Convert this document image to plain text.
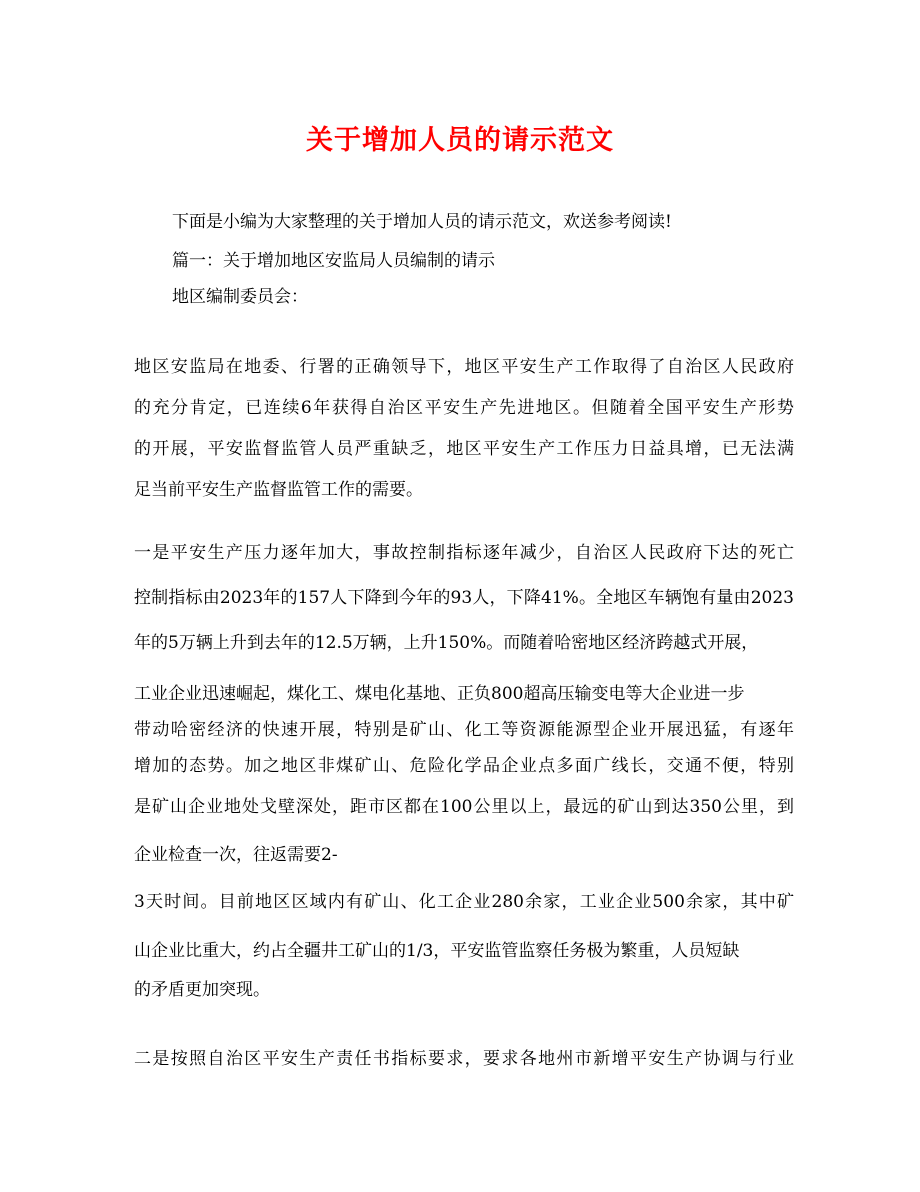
关于增加人员的请示范文
下面是小编为大家整理的关于增加人员的请示范文，欢送参考阅读!
篇一：关于增加地区安监局人员编制的请示
地区编制委员会：
地区安监局在地委、行署的正确领导下，地区平安生产工作取得了自治区人民政府
的充分肯定，已连续6年获得自治区平安生产先进地区。但随着全国平安生产形势
的开展，平安监督监管人员严重缺乏，地区平安生产工作压力日益具增，已无法满
足当前平安生产监督监管工作的需要。
一是平安生产压力逐年加大，事故控制指标逐年减少，自治区人民政府下达的死亡
控制指标由2023年的157人下降到今年的93人，下降41%。全地区车辆饱有量由2023
年的5万辆上升到去年的12.5万辆，上升150%。而随着哈密地区经济跨越式开展，
工业企业迅速崛起，煤化工、煤电化基地、正负800超高压输变电等大企业进一步
带动哈密经济的快速开展，特别是矿山、化工等资源能源型企业开展迅猛，有逐年
增加的态势。加之地区非煤矿山、危险化学品企业点多面广线长，交通不便，特别
是矿山企业地处戈壁深处，距市区都在100公里以上，最远的矿山到达350公里，到
企业检查一次，往返需要2-
3天时间。目前地区区域内有矿山、化工企业280余家，工业企业500余家，其中矿
山企业比重大，约占全疆井工矿山的1/3，平安监管监察任务极为繁重，人员短缺
的矛盾更加突现。
二是按照自治区平安生产责任书指标要求，要求各地州市新增平安生产协调与行业
